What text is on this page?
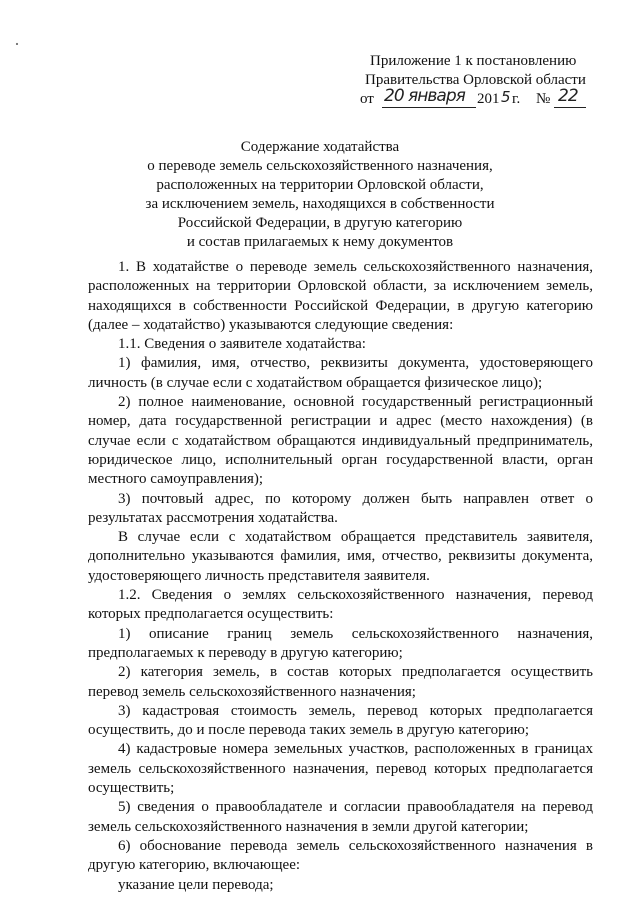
·
Приложение 1 к постановлению
Правительства Орловской области
от 20 января 201 5 г. № 22
Содержание ходатайства
о переводе земель сельскохозяйственного назначения,
расположенных на территории Орловской области,
за исключением земель, находящихся в собственности
Российской Федерации, в другую категорию
и состав прилагаемых к нему документов

1. В ходатайстве о переводе земель сельскохозяйственного назначения, расположенных на территории Орловской области, за исключением земель, находящихся в собственности Российской Федерации, в другую категорию (далее – ходатайство) указываются следующие сведения:

1.1. Сведения о заявителе ходатайства:

1) фамилия, имя, отчество, реквизиты документа, удостоверяющего личность (в случае если с ходатайством обращается физическое лицо);

2) полное наименование, основной государственный регистрационный номер, дата государственной регистрации и адрес (место нахождения) (в случае если с ходатайством обращаются индивидуальный предприниматель, юридическое лицо, исполнительный орган государственной власти, орган местного самоуправления);

3) почтовый адрес, по которому должен быть направлен ответ о результатах рассмотрения ходатайства.

В случае если с ходатайством обращается представитель заявителя, дополнительно указываются фамилия, имя, отчество, реквизиты документа, удостоверяющего личность представителя заявителя.

1.2. Сведения о землях сельскохозяйственного назначения, перевод которых предполагается осуществить:

1) описание границ земель сельскохозяйственного назначения, предполагаемых к переводу в другую категорию;

2) категория земель, в состав которых предполагается осуществить перевод земель сельскохозяйственного назначения;

3) кадастровая стоимость земель, перевод которых предполагается осуществить, до и после перевода таких земель в другую категорию;

4) кадастровые номера земельных участков, расположенных в границах земель сельскохозяйственного назначения, перевод которых предполагается осуществить;

5) сведения о правообладателе и согласии правообладателя на перевод земель сельскохозяйственного назначения в земли другой категории;

6) обоснование перевода земель сельскохозяйственного назначения в другую категорию, включающее:

указание цели перевода;
